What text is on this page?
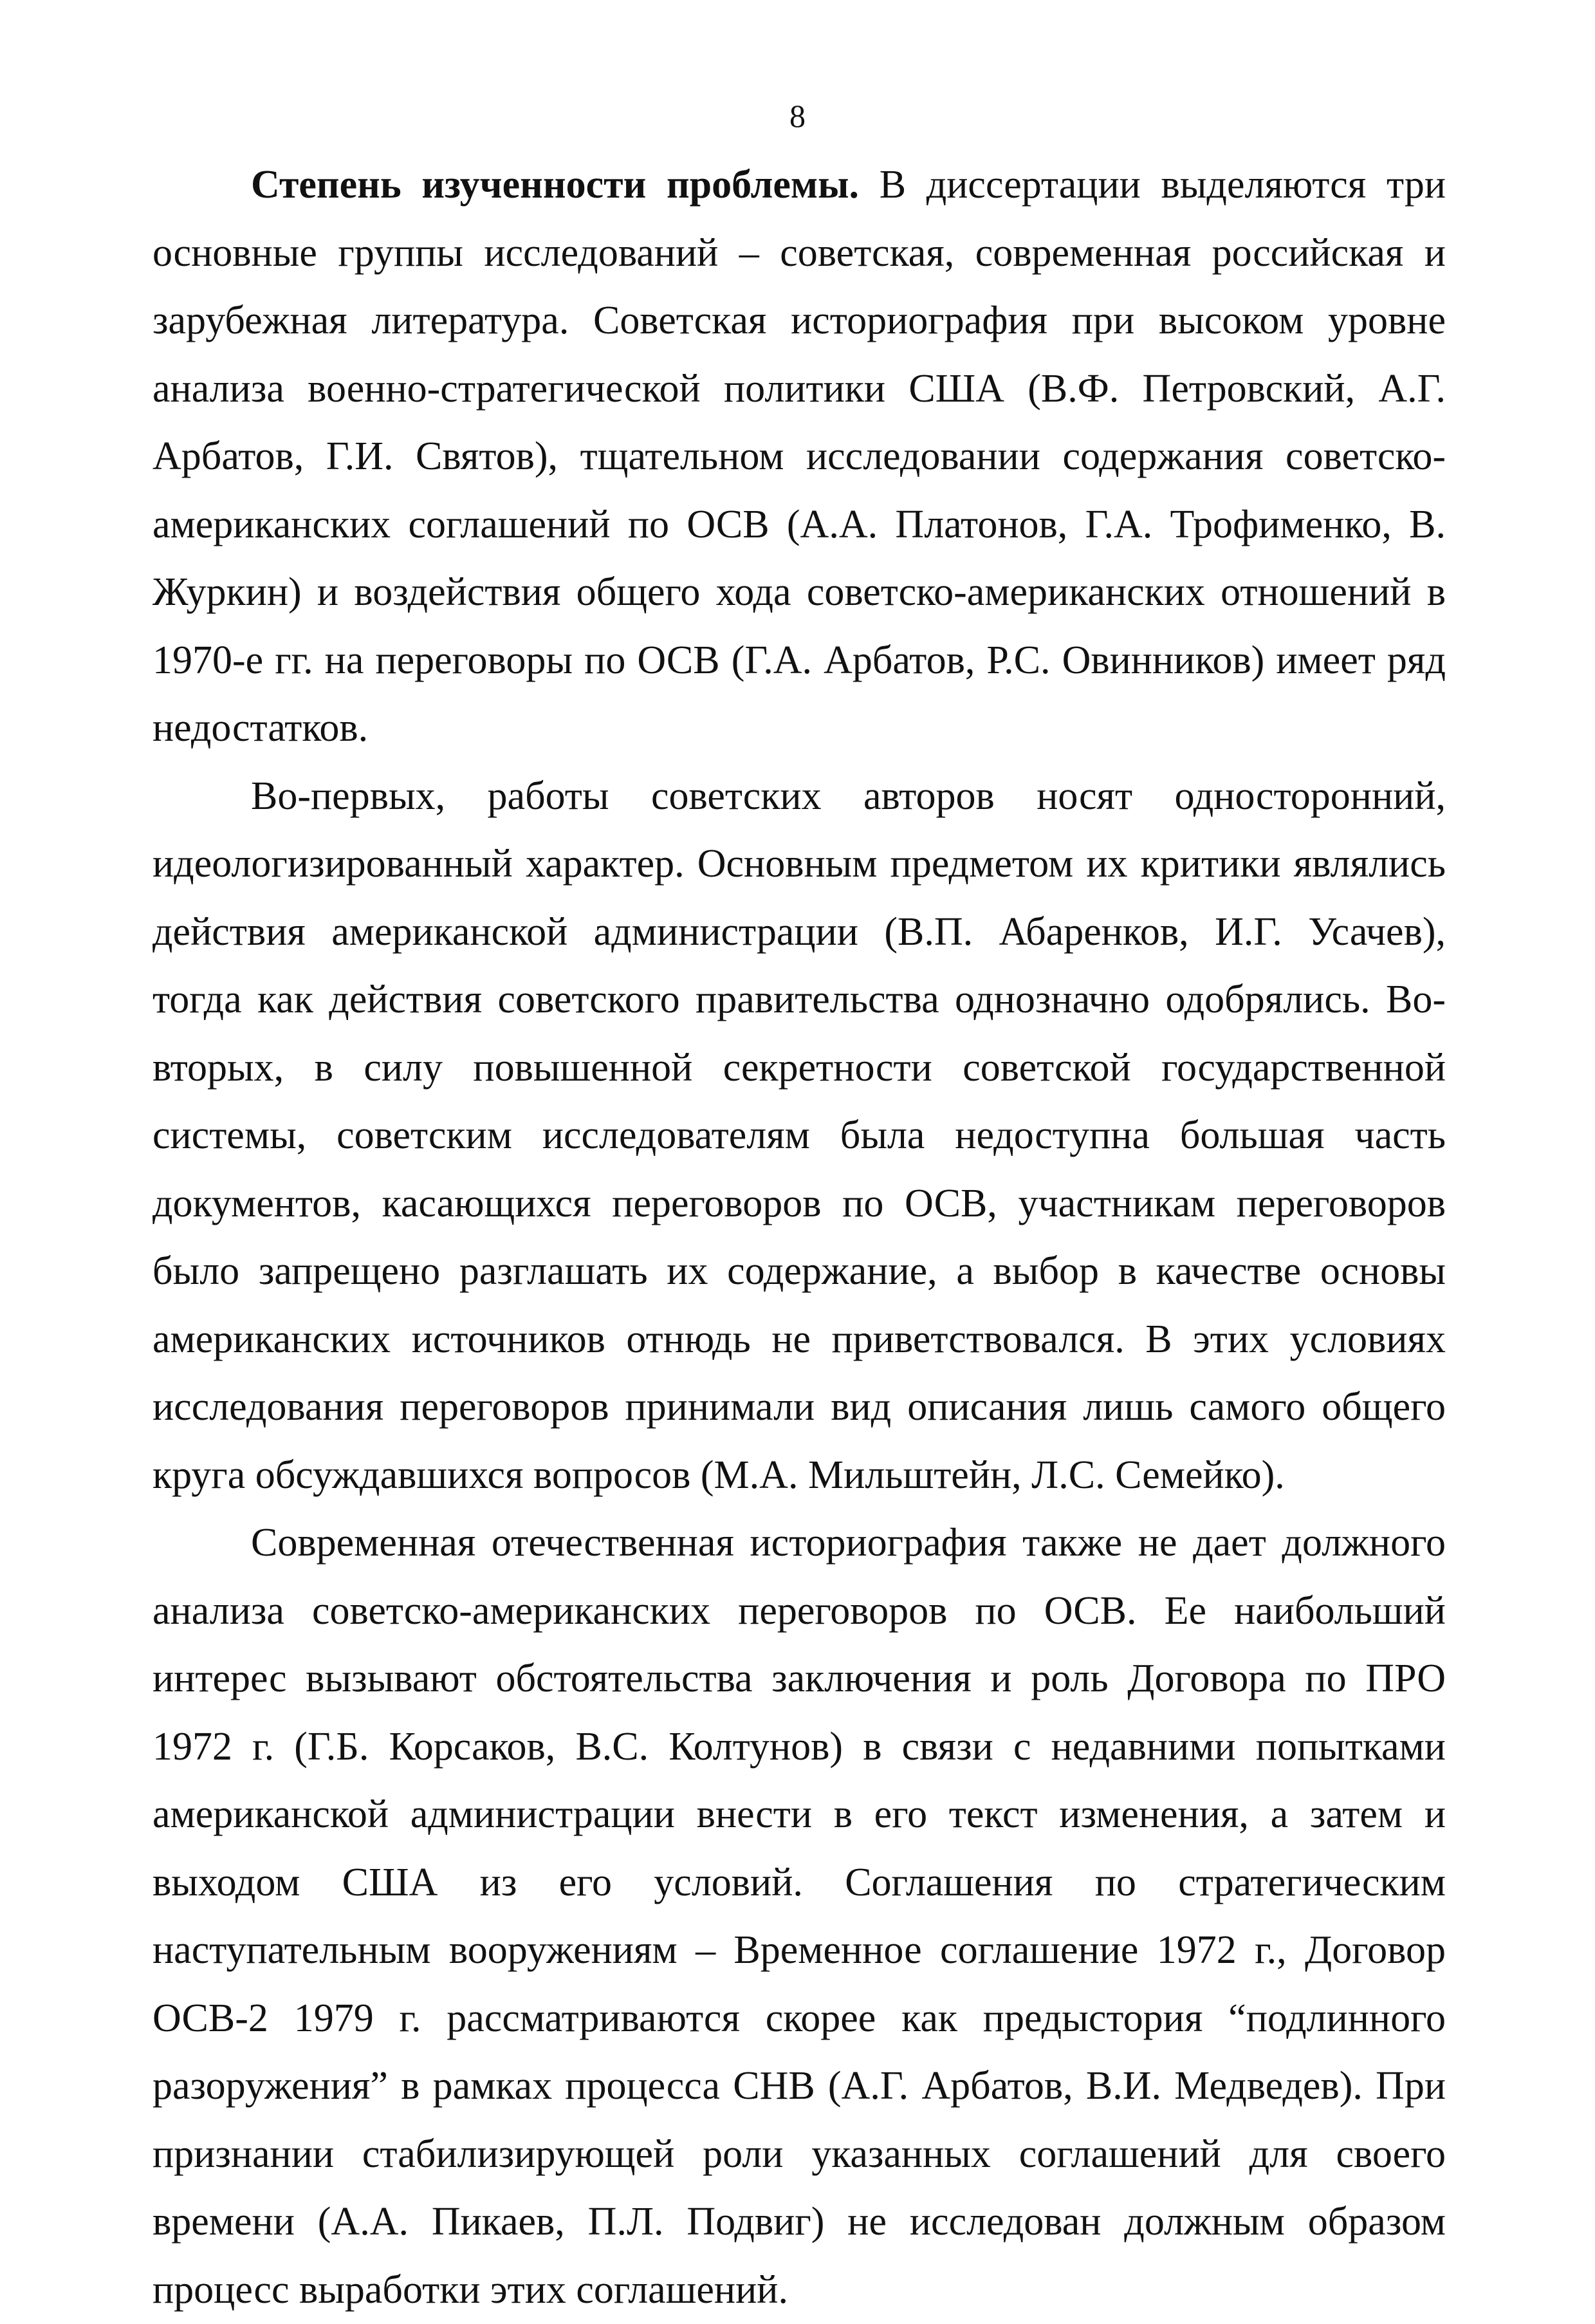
8

Степень изученности проблемы. В диссертации выделяются три основные группы исследований – советская, современная российская и зарубежная литература. Советская историография при высоком уровне анализа военно-стратегической политики США (В.Ф. Петровский, А.Г. Арбатов, Г.И. Святов), тщательном исследовании содержания советско-американских соглашений по ОСВ (А.А. Платонов, Г.А. Трофименко, В. Журкин) и воздействия общего хода советско-американских отношений в 1970-е гг. на переговоры по ОСВ (Г.А. Арбатов, Р.С. Овинников) имеет ряд недостатков.

Во-первых, работы советских авторов носят односторонний, идеологизированный характер. Основным предметом их критики являлись действия американской администрации (В.П. Абаренков, И.Г. Усачев), тогда как действия советского правительства однозначно одобрялись. Во-вторых, в силу повышенной секретности советской государственной системы, советским исследователям была недоступна большая часть документов, касающихся переговоров по ОСВ, участникам переговоров было запрещено разглашать их содержание, а выбор в качестве основы американских источников отнюдь не приветствовался. В этих условиях исследования переговоров принимали вид описания лишь самого общего круга обсуждавшихся вопросов (М.А. Мильштейн, Л.С. Семейко).

Современная отечественная историография также не дает должного анализа советско-американских переговоров по ОСВ. Ее наибольший интерес вызывают обстоятельства заключения и роль Договора по ПРО 1972 г. (Г.Б. Корсаков, В.С. Колтунов) в связи с недавними попытками американской администрации внести в его текст изменения, а затем и выходом США из его условий. Соглашения по стратегическим наступательным вооружениям – Временное соглашение 1972 г., Договор ОСВ-2 1979 г. рассматриваются скорее как предыстория “подлинного разоружения” в рамках процесса СНВ (А.Г. Арбатов, В.И. Медведев). При признании стабилизирующей роли указанных соглашений для своего времени (А.А. Пикаев, П.Л. Подвиг) не исследован должным образом процесс выработки этих соглашений.
